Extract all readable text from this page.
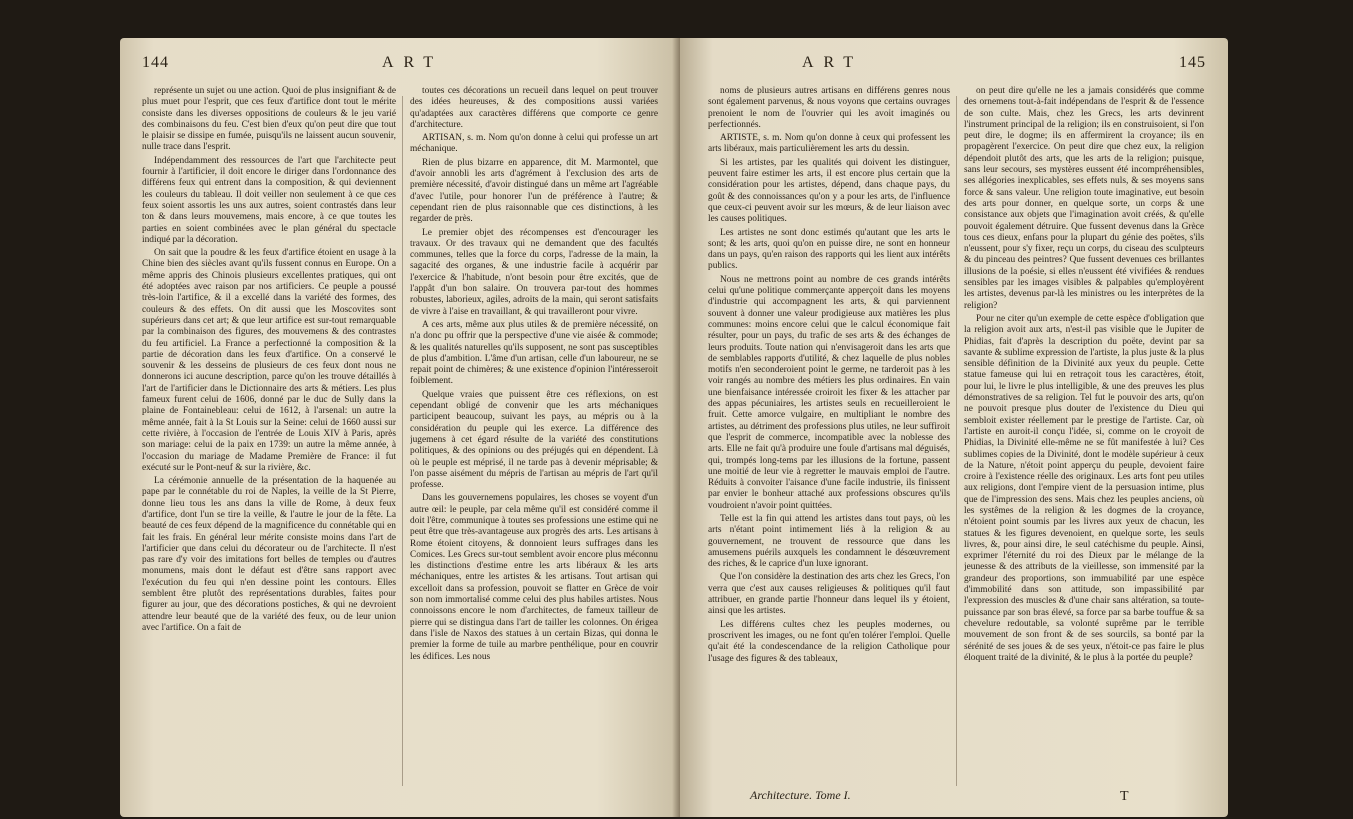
144	ART

représente un sujet ou une action. Quoi de plus insignifiant & de plus muet pour l'esprit, que ces feux d'artifice dont tout le mérite consiste dans les diverses oppositions de couleurs & le jeu varié des combinaisons du feu. C'est bien d'eux qu'on peut dire que tout le plaisir se dissipe en fumée, puisqu'ils ne laissent aucun souvenir, nulle trace dans l'esprit.

Indépendamment des ressources de l'art que l'architecte peut fournir à l'artificier, il doit encore le diriger dans l'ordonnance des différens feux qui entrent dans la composition, & qui deviennent les couleurs du tableau. Il doit veiller non seulement à ce que ces feux soient assortis les uns aux autres, soient contrastés dans leur ton & dans leurs mouvemens, mais encore, à ce que toutes les parties en soient combinées avec le plan général du spectacle indiqué par la décoration.

On sait que la poudre & les feux d'artifice étoient en usage à la Chine bien des siècles avant qu'ils fussent connus en Europe. On a même appris des Chinois plusieurs excellentes pratiques, qui ont été adoptées avec raison par nos artificiers. Ce peuple a poussé très-loin l'artifice, & il a excellé dans la variété des formes, des couleurs & des effets. On dit aussi que les Moscovites sont supérieurs dans cet art; & que leur artifice est sur-tout remarquable par la combinaison des figures, des mouvemens & des contrastes du feu artificiel. La France a perfectionné la composition & la partie de décoration dans les feux d'artifice. On a conservé le souvenir & les desseins de plusieurs de ces feux dont nous ne donnerons ici aucune description, parce qu'on les trouve détaillés à l'art de l'artificier dans le Dictionnaire des arts & métiers. Les plus fameux furent celui de 1606, donné par le duc de Sully dans la plaine de Fontainebleau: celui de 1612, à l'arsenal: un autre la même année, fait à la St Louis sur la Seine: celui de 1660 aussi sur cette rivière, à l'occasion de l'entrée de Louis XIV à Paris, après son mariage: celui de la paix en 1739: un autre la même année, à l'occasion du mariage de Madame Première de France: il fut exécuté sur le Pont-neuf & sur la rivière, &c.

La cérémonie annuelle de la présentation de la haquenée au pape par le connétable du roi de Naples, la veille de la St Pierre, donne lieu tous les ans dans la ville de Rome, à deux feux d'artifice, dont l'un se tire la veille, & l'autre le jour de la fête. La beauté de ces feux dépend de la magnificence du connétable qui en fait les frais. En général leur mérite consiste moins dans l'art de l'artificier que dans celui du décorateur ou de l'architecte. Il n'est pas rare d'y voir des imitations fort belles de temples ou d'autres monumens, mais dont le défaut est d'être sans rapport avec l'exécution du feu qui n'en dessine point les contours. Elles semblent être plutôt des représentations durables, faites pour figurer au jour, que des décorations postiches, & qui ne devroient attendre leur beauté que de la variété des feux, ou de leur union avec l'artifice. On a fait de

toutes ces décorations un recueil dans lequel on peut trouver des idées heureuses, & des compositions aussi variées qu'adaptées aux caractères différens que comporte ce genre d'architecture.

ARTISAN, s. m. Nom qu'on donne à celui qui professe un art méchanique.

Rien de plus bizarre en apparence, dit M. Marmontel, que d'avoir annobli les arts d'agrément à l'exclusion des arts de première nécessité, d'avoir distingué dans un même art l'agréable d'avec l'utile, pour honorer l'un de préférence à l'autre; & cependant rien de plus raisonnable que ces distinctions, à les regarder de près.

Le premier objet des récompenses est d'encourager les travaux. Or des travaux qui ne demandent que des facultés communes, telles que la force du corps, l'adresse de la main, la sagacité des organes, & une industrie facile à acquérir par l'exercice & l'habitude, n'ont besoin pour être excités, que de l'appât d'un bon salaire. On trouvera par-tout des hommes robustes, laborieux, agiles, adroits de la main, qui seront satisfaits de vivre à l'aise en travaillant, & qui travailleront pour vivre.

A ces arts, même aux plus utiles & de première nécessité, on n'a donc pu offrir que la perspective d'une vie aisée & commode; & les qualités naturelles qu'ils supposent, ne sont pas susceptibles de plus d'ambition. L'âme d'un artisan, celle d'un laboureur, ne se repait point de chimères; & une existence d'opinion l'intéresseroit foiblement.

Quelque vraies que puissent être ces réflexions, on est cependant obligé de convenir que les arts méchaniques participent beaucoup, suivant les pays, au mépris ou à la considération du peuple qui les exerce. La différence des jugemens à cet égard résulte de la variété des constitutions politiques, & des opinions ou des préjugés qui en dépendent. Là où le peuple est méprisé, il ne tarde pas à devenir méprisable; & l'on passe aisément du mépris de l'artisan au mépris de l'art qu'il professe.

Dans les gouvernemens populaires, les choses se voyent d'un autre œil: le peuple, par cela même qu'il est considéré comme il doit l'être, communique à toutes ses professions une estime qui ne peut être que très-avantageuse aux progrès des arts. Les artisans à Rome étoient citoyens, & donnoient leurs suffrages dans les Comices. Les Grecs sur-tout semblent avoir encore plus méconnu les distinctions d'estime entre les arts libéraux & les arts méchaniques, entre les artistes & les artisans. Tout artisan qui excelloit dans sa profession, pouvoit se flatter en Grèce de voir son nom immortalisé comme celui des plus habiles artistes. Nous connoissons encore le nom d'architectes, de fameux tailleur de pierre qui se distingua dans l'art de tailler les colonnes. On érigea dans l'isle de Naxos des statues à un certain Bizas, qui donna le premier la forme de tuile au marbre penthélique, pour en couvrir les édifices. Les nous

ART	145

noms de plusieurs autres artisans en différens genres nous sont également parvenus, & nous voyons que certains ouvrages prenoient le nom de l'ouvrier qui les avoit imaginés ou perfectionnés.

ARTISTE, s. m. Nom qu'on donne à ceux qui professent les arts libéraux, mais particulièrement les arts du dessin.

Si les artistes, par les qualités qui doivent les distinguer, peuvent faire estimer les arts, il est encore plus certain que la considération pour les artistes, dépend, dans chaque pays, du goût & des connoissances qu'on y a pour les arts, de l'influence que ceux-ci peuvent avoir sur les mœurs, & de leur liaison avec les causes politiques.

Les artistes ne sont donc estimés qu'autant que les arts le sont; & les arts, quoi qu'on en puisse dire, ne sont en honneur dans un pays, qu'en raison des rapports qui les lient aux intérêts publics.

Nous ne mettrons point au nombre de ces grands intérêts celui qu'une politique commerçante apperçoit dans les moyens d'industrie qui accompagnent les arts, & qui parviennent souvent à donner une valeur prodigieuse aux matières les plus communes: moins encore celui que le calcul économique fait résulter, pour un pays, du trafic de ses arts & des échanges de leurs produits. Toute nation qui n'envisageroit dans les arts que de semblables rapports d'utilité, & chez laquelle de plus nobles motifs n'en seconderoient point le germe, ne tarderoit pas à les voir rangés au nombre des métiers les plus ordinaires. En vain une bienfaisance intéressée croiroit les fixer & les attacher par des appas pécuniaires, les artistes seuls en recueilleroient le fruit. Cette amorce vulgaire, en multipliant le nombre des artistes, au détriment des professions plus utiles, ne leur suffiroit que l'esprit de commerce, incompatible avec la noblesse des arts. Elle ne fait qu'à produire une foule d'artisans mal déguisés, qui, trompés long-tems par les illusions de la fortune, passent une moitié de leur vie à regretter le mauvais emploi de l'autre. Réduits à convoiter l'aisance d'une facile industrie, ils finissent par envier le bonheur attaché aux professions obscures qu'ils voudroient n'avoir point quittées.

Telle est la fin qui attend les artistes dans tout pays, où les arts n'étant point intimement liés à la religion & au gouvernement, ne trouvent de ressource que dans les amusemens puérils auxquels les condamnent le désœuvrement des riches, & le caprice d'un luxe ignorant.

Que l'on considère la destination des arts chez les Grecs, l'on verra que c'est aux causes religieuses & politiques qu'il faut attribuer, en grande partie l'honneur dans lequel ils y étoient, ainsi que les artistes.

Les différens cultes chez les peuples modernes, ou proscrivent les images, ou ne font qu'en tolérer l'emploi. Quelle qu'ait été la condescendance de la religion Catholique pour l'usage des figures & des tableaux,

on peut dire qu'elle ne les a jamais considérés que comme des ornemens tout-à-fait indépendans de l'esprit & de l'essence de son culte. Mais, chez les Grecs, les arts devinrent l'instrument principal de la religion; ils en construisoient, si l'on peut dire, le dogme; ils en affermirent la croyance; ils en propagèrent l'exercice. On peut dire que chez eux, la religion dépendoit plutôt des arts, que les arts de la religion; puisque, sans leur secours, ses mystères eussent été incompréhensibles, ses allégories inexplicables, ses effets nuls, & ses moyens sans force & sans valeur. Une religion toute imaginative, eut besoin des arts pour donner, en quelque sorte, un corps & une consistance aux objets que l'imagination avoit créés, & qu'elle pouvoit également détruire. Que fussent devenus dans la Grèce tous ces dieux, enfans pour la plupart du génie des poëtes, s'ils n'eussent, pour s'y fixer, reçu un corps, du ciseau des sculpteurs & du pinceau des peintres? Que fussent devenues ces brillantes illusions de la poésie, si elles n'eussent été vivifiées & rendues sensibles par les images visibles & palpables qu'employèrent les artistes, devenus par-là les ministres ou les interprètes de la religion?

Pour ne citer qu'un exemple de cette espèce d'obligation que la religion avoit aux arts, n'est-il pas visible que le Jupiter de Phidias, fait d'après la description du poëte, devint par sa savante & sublime expression de l'artiste, la plus juste & la plus sensible définition de la Divinité aux yeux du peuple. Cette statue fameuse qui lui en retraçoit tous les caractères, étoit, pour lui, le livre le plus intelligible, & une des preuves les plus démonstratives de sa religion. Tel fut le pouvoir des arts, qu'on ne pouvoit presque plus douter de l'existence du Dieu qui sembloit exister réellement par le prestige de l'artiste. Car, où l'artiste en auroit-il conçu l'idée, si, comme on le croyoit de Phidias, la Divinité elle-même ne se fût manifestée à lui? Ces sublimes copies de la Divinité, dont le modèle supérieur à ceux de la Nature, n'étoit point apperçu du peuple, devoient faire croire à l'existence réelle des originaux. Les arts font peu utiles aux religions, dont l'empire vient de la persuasion intime, plus que de l'impression des sens. Mais chez les peuples anciens, où les systêmes de la religion & les dogmes de la croyance, n'étoient point soumis par les livres aux yeux de chacun, les statues & les figures devenoient, en quelque sorte, les seuls livres, &, pour ainsi dire, le seul catéchisme du peuple. Ainsi, exprimer l'éternité du roi des Dieux par le mélange de la jeunesse & des attributs de la vieillesse, son immensité par la grandeur des proportions, son immuabilité par une espèce d'immobilité dans son attitude, son impassibilité par l'expression des muscles & d'une chair sans altération, sa toute-puissance par son bras élevé, sa force par sa barbe touffue & sa chevelure redoutable, sa volonté suprême par le terrible mouvement de son front & de ses sourcils, sa bonté par la sérénité de ses joues & de ses yeux, n'étoit-ce pas faire le plus éloquent traité de la divinité, & le plus à la portée du peuple?

Architecture. Tome I.	T
